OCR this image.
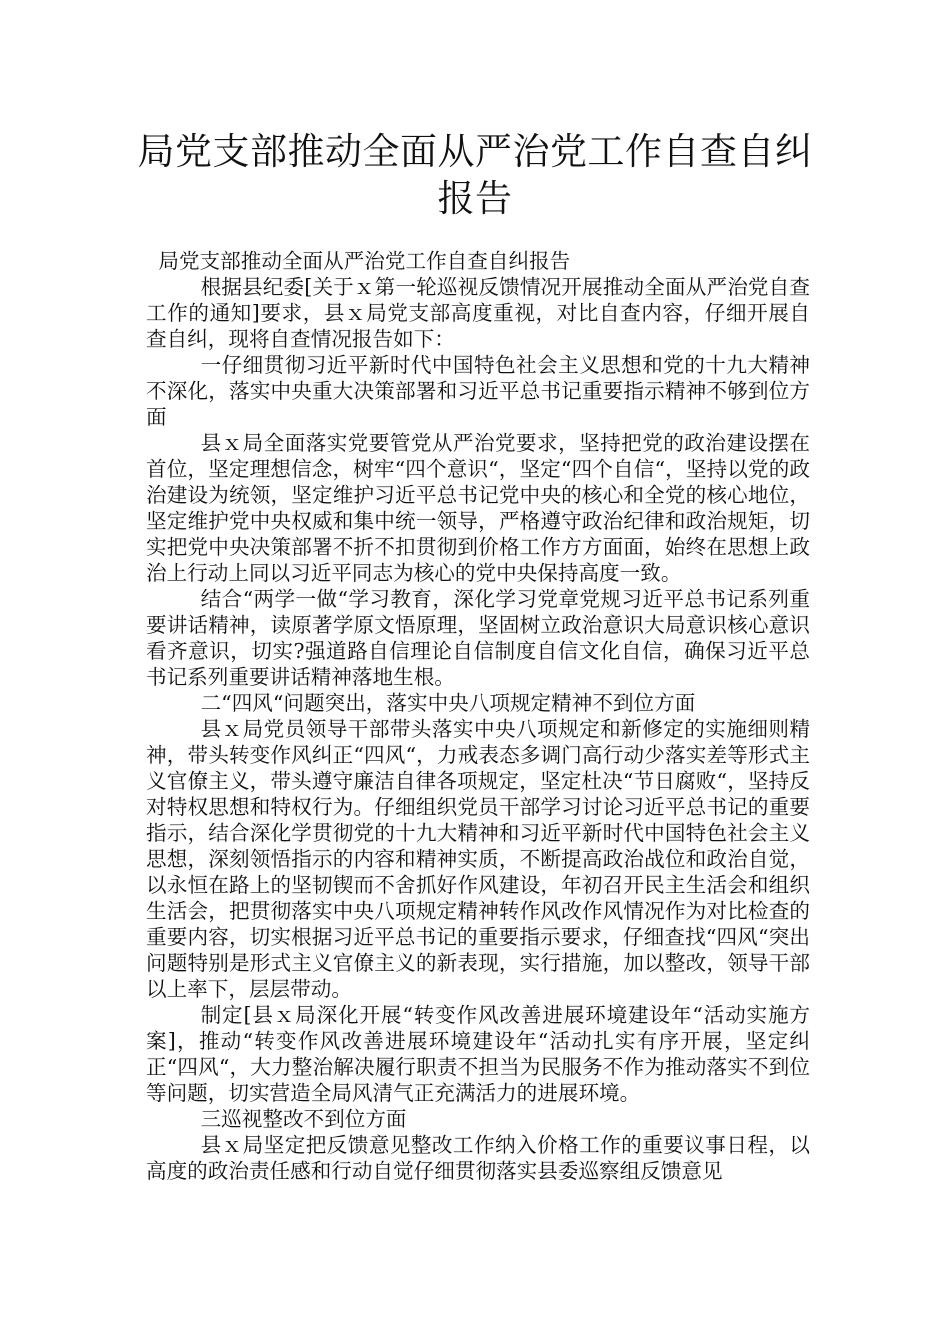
局党支部推动全面从严治党工作自查自纠报告

局党支部推动全面从严治党工作自查自纠报告

根据县纪委[关于ｘ第一轮巡视反馈情况开展推动全面从严治党自查工作的通知]要求，县ｘ局党支部高度重视，对比自查内容，仔细开展自查自纠，现将自查情况报告如下：

一仔细贯彻习近平新时代中国特色社会主义思想和党的十九大精神不深化，落实中央重大决策部署和习近平总书记重要指示精神不够到位方面

县ｘ局全面落实党要管党从严治党要求，坚持把党的政治建设摆在首位，坚定理想信念，树牢“四个意识“，坚定“四个自信“，坚持以党的政治建设为统领，坚定维护习近平总书记党中央的核心和全党的核心地位，坚定维护党中央权威和集中统一领导，严格遵守政治纪律和政治规矩，切实把党中央决策部署不折不扣贯彻到价格工作方方面面，始终在思想上政治上行动上同以习近平同志为核心的党中央保持高度一致。

结合“两学一做“学习教育，深化学习党章党规习近平总书记系列重要讲话精神，读原著学原文悟原理，坚固树立政治意识大局意识核心意识看齐意识，切实?强道路自信理论自信制度自信文化自信，确保习近平总书记系列重要讲话精神落地生根。

二“四风“问题突出，落实中央八项规定精神不到位方面

县ｘ局党员领导干部带头落实中央八项规定和新修定的实施细则精神，带头转变作风纠正“四风“，力戒表态多调门高行动少落实差等形式主义官僚主义，带头遵守廉洁自律各项规定，坚定杜决“节日腐败“，坚持反对特权思想和特权行为。仔细组织党员干部学习讨论习近平总书记的重要指示，结合深化学贯彻党的十九大精神和习近平新时代中国特色社会主义思想，深刻领悟指示的内容和精神实质，不断提高政治战位和政治自觉，以永恒在路上的坚韧锲而不舍抓好作风建设，年初召开民主生活会和组织生活会，把贯彻落实中央八项规定精神转作风改作风情况作为对比检查的重要内容，切实根据习近平总书记的重要指示要求，仔细查找“四风“突出问题特别是形式主义官僚主义的新表现，实行措施，加以整改，领导干部以上率下，层层带动。

制定[县ｘ局深化开展“转变作风改善进展环境建设年“活动实施方案]，推动“转变作风改善进展环境建设年“活动扎实有序开展，坚定纠正“四风“，大力整治解决履行职责不担当为民服务不作为推动落实不到位等问题，切实营造全局风清气正充满活力的进展环境。

三巡视整改不到位方面

县ｘ局坚定把反馈意见整改工作纳入价格工作的重要议事日程，以高度的政治责任感和行动自觉仔细贯彻落实县委巡察组反馈意见
